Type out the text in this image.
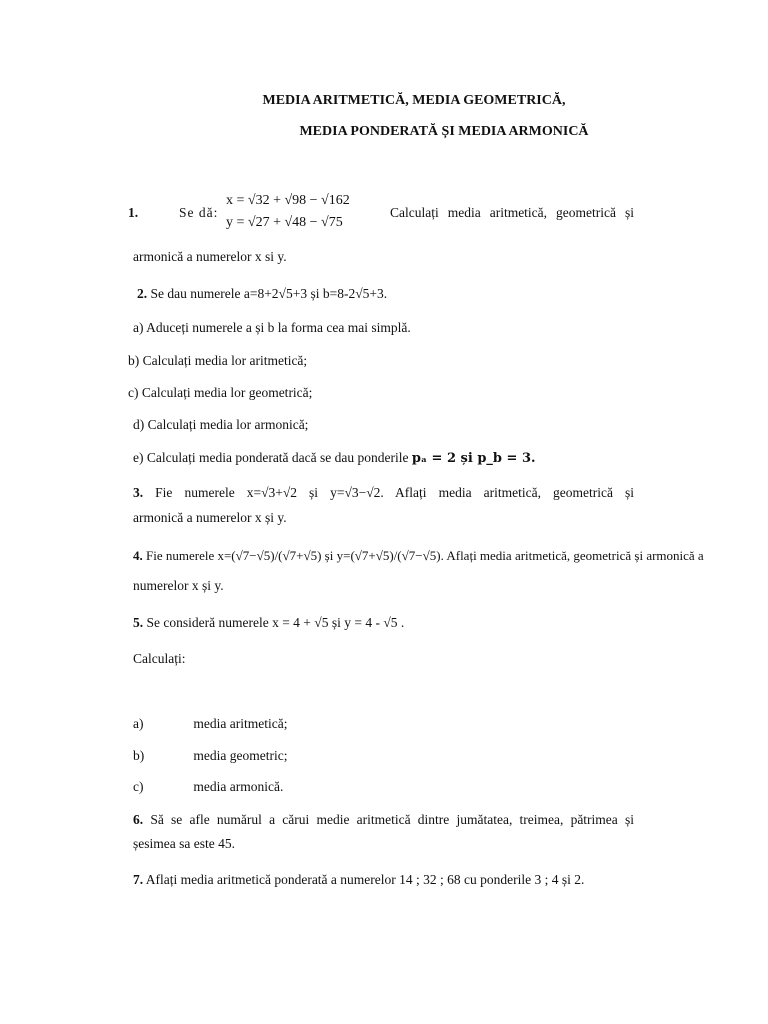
MEDIA ARITMETICĂ, MEDIA GEOMETRICĂ,
MEDIA PONDERATĂ ȘI MEDIA ARMONICĂ
1.	Se dă:
x = √32 + √98 − √162
y = √27 + √48 − √75
Calculați media aritmetică, geometrică și
armonică a numerelor x si y.
2. Se dau numerele a=8+2√5+3 și b=8-2√5+3.
a) Aduceți numerele a și b la forma cea mai simplă.
b) Calculați media lor aritmetică;
c) Calculați media lor geometrică;
d) Calculați media lor armonică;
e) Calculați media ponderată dacă se dau ponderile pₐ = 2 și p_b = 3.
3. Fie numerele x=√3+√2 și y=√3−√2. Aflați media aritmetică, geometrică și
armonică a numerelor x și y.
4. Fie numerele x=(√7−√5)/(√7+√5) și y=(√7+√5)/(√7−√5). Aflați media aritmetică, geometrică și armonică a
numerelor x și y.
5. Se consideră numerele x = 4 + √5 și y = 4 - √5 .
Calculați:
a)	media aritmetică;
b)	media geometric;
c)	media armonică.
6. Să se afle numărul a cărui medie aritmetică dintre jumătatea, treimea, pătrimea și
șesimea sa este 45.
7. Aflați media aritmetică ponderată a numerelor 14 ; 32 ; 68 cu ponderile 3 ; 4 și 2.
